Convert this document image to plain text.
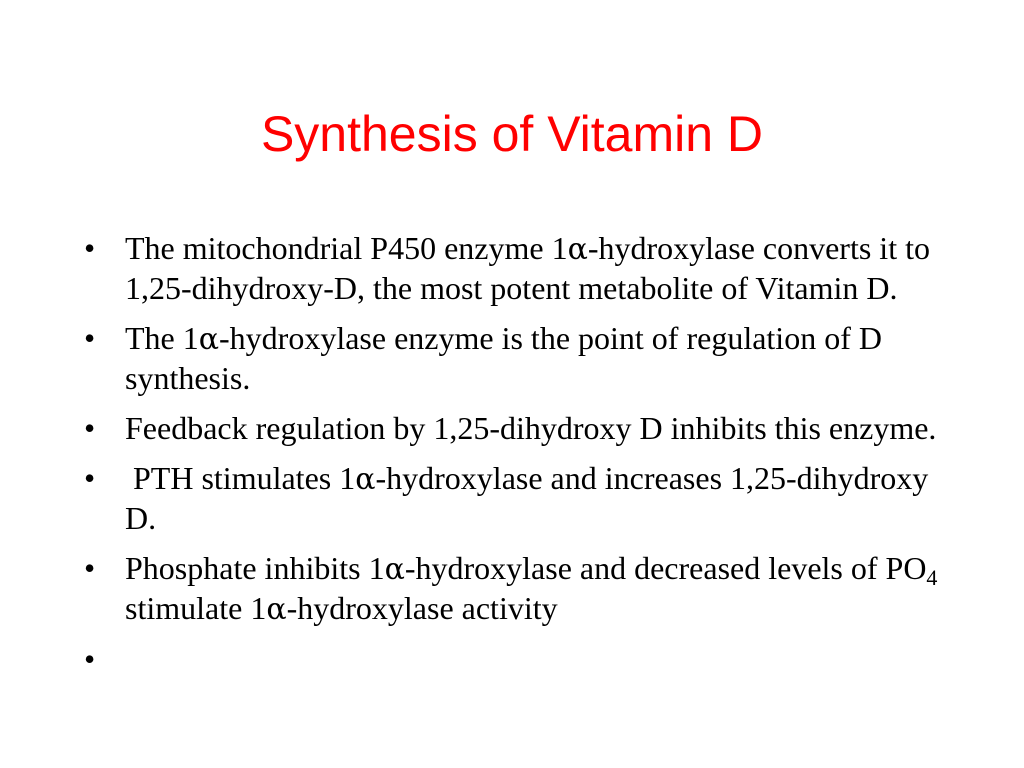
Synthesis of Vitamin D
• The mitochondrial P450 enzyme 1α-hydroxylase converts it to 1,25-dihydroxy-D, the most potent metabolite of Vitamin D.
• The 1α-hydroxylase enzyme is the point of regulation of D synthesis.
• Feedback regulation by 1,25-dihydroxy D inhibits this enzyme.
• PTH stimulates 1α-hydroxylase and increases 1,25-dihydroxy D.
• Phosphate inhibits 1α-hydroxylase and decreased levels of $PO_4$ stimulate 1α-hydroxylase activity
•
